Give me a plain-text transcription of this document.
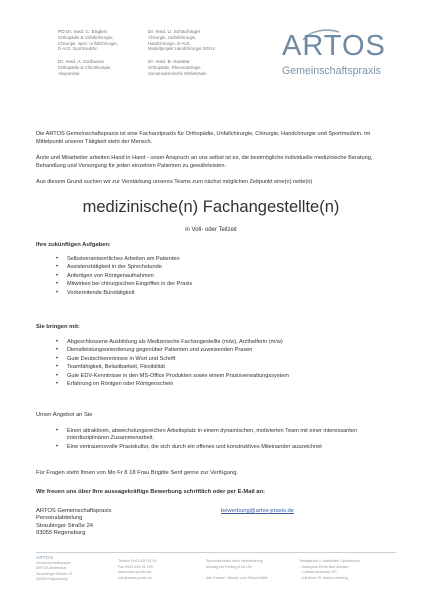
PD Dr. med. C. Englert
Orthopädie & Unfallchirurgie,
Chirurgie, spez. Unfallchirurgie,
D-Arzt, Sportmedizin
Dr. med. U. Schächinger
Chirurgie, Unfallchirurgie,
Handchirurgie, D-Arzt,
Modellprojekt Handchirurgie DGUV
Dr. med. A. Gorbunov
Orthopädie & Chirotherapie,
Akupunktur
Dr. med. B. Koester
Orthopädie, Rheumatologie,
Sonomedizinische Wirbelsäule
ARTOS
Gemeinschaftspraxis
Die ARTOS Gemeinschaftspraxis ist eine Facharztpraxis für Orthopädie, Unfallchirurgie, Chirurgie, Handchirurgie und Sportmedizin. Im Mittelpunkt unserer Tätigkeit steht der Mensch.
Ärzte und Mitarbeiter arbeiten Hand in Hand - unser Anspruch an uns selbst ist es, die bestmögliche individuelle medizinische Beratung, Behandlung und Versorgung für jeden einzelnen Patienten zu gewährleisten.
Aus diesem Grund suchen wir zur Verstärkung unseres Teams zum nächst möglichen Zeitpunkt eine(n) nette(n)
medizinische(n) Fachangestellte(n)
in Voll- oder Teilzeit
Ihre zukünftigen Aufgaben:
• Selbstverantwortliches Arbeiten am Patienten
• Assistenztätigkeit in der Sprechstunde
• Anfertigen von Röntgenaufnahmen
• Mitwirken bei chirurgischen Eingriffen in der Praxis
• Vorbereitende Bürotätigkeit
Sie bringen mit:
• Abgeschlossene Ausbildung als Medizinische Fachangestellte (m/w), Arzthelferin (m/w)
• Dienstleistungsorientierung gegenüber Patienten und zuweisenden Praxen
• Gute Deutschkenntnisse in Wort und Schrift
• Teamfähigkeit, Belastbarkeit, Flexibilität
• Gute EDV-Kenntnisse in den MS-Office Produkten sowie einem Praxisverwaltungssystem
• Erfahrung im Röntgen oder Röntgenschein
Unser Angebot an Sie
• Einen attraktiven, abwechslungsreichen Arbeitsplatz in einem dynamischen, motivierten Team mit einer interessanten interdisziplinären Zusammenarbeit.
• Eine vertrauensvolle Praxiskultur, die sich durch ein offenes und konstruktives Miteinander auszeichnet
Für Fragen steht Ihnen von Mo Fr 8 18 Frau Brigitte Senf gerne zur Verfügung.
Wir freuen uns über Ihre aussagekräftige Bewerbung schriftlich oder per E-Mail an:
ARTOS Gemeinschaftspraxis
Personalabteilung
Straubinger Straße 24
93055 Regensburg
bewerbung@artos-praxis.de
ARTOS
Gemeinschaftspraxis
ARTOS-Ärztehaus
Straubinger Straße 24
93055 Regensburg
Telefon 0941 630 91 00
Fax 0941 630 91 199
www.artos-praxis.de
info@artos-praxis.de
Sprechstunden nach Vereinbarung
Montag bis Freitag 8-18 Uhr

Alle Kassen, Berufs- und Schulunfälle
Belegärzte u. stationäre Operationen
- Asklepios Klinik Bad Abbach
- Caritas Ambulant OP
- Klinikum St. Marien Amberg
